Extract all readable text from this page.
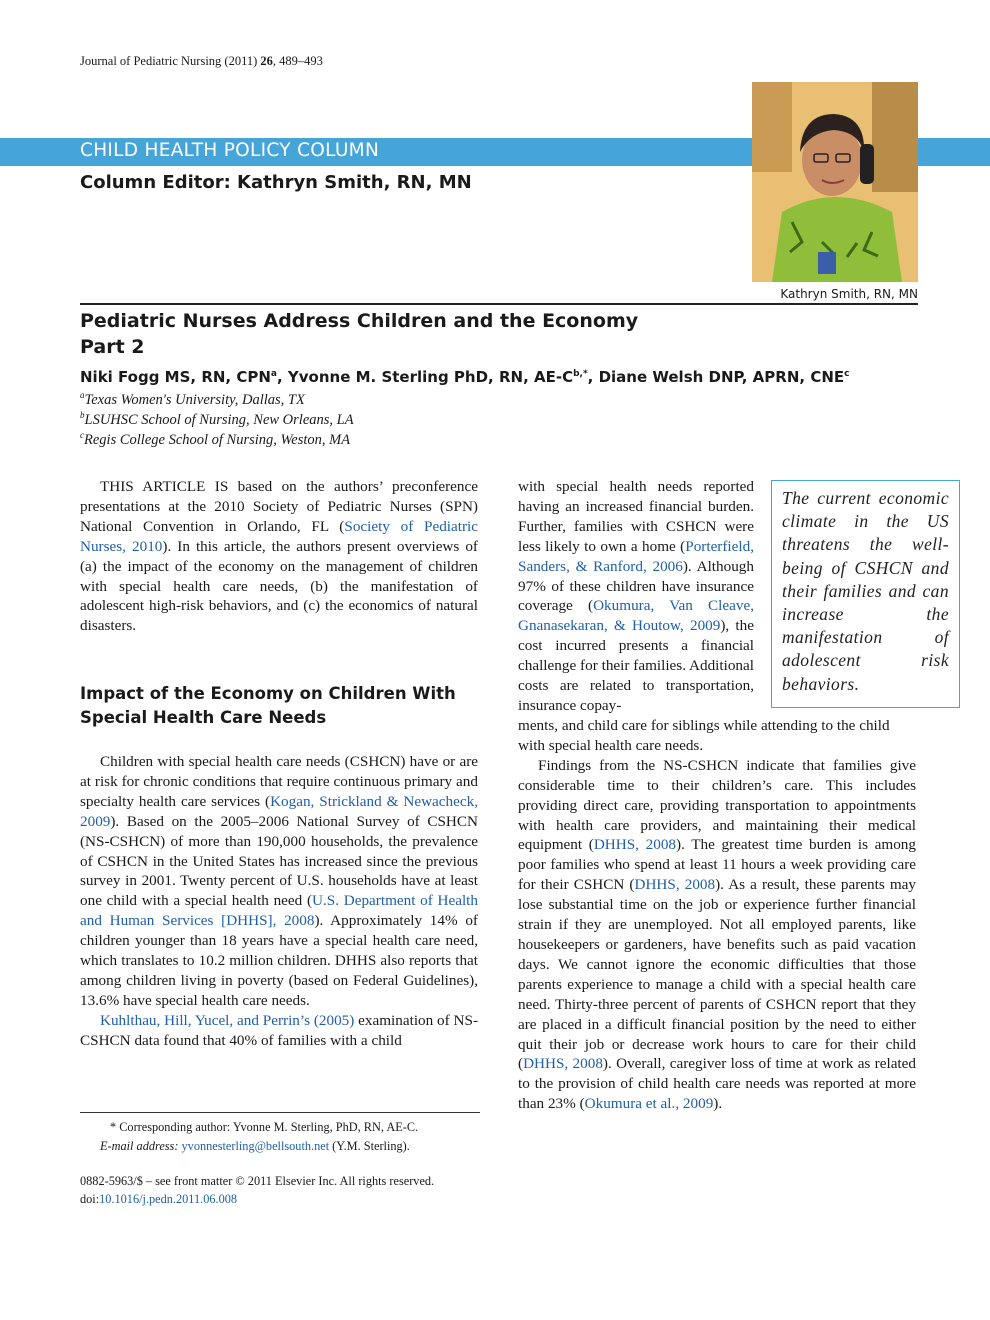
Journal of Pediatric Nursing (2011) 26, 489–493
CHILD HEALTH POLICY COLUMN
Column Editor: Kathryn Smith, RN, MN
Kathryn Smith, RN, MN
Pediatric Nurses Address Children and the Economy
Part 2
Niki Fogg MS, RN, CPN$^a$, Yvonne M. Sterling PhD, RN, $AE-C^{b,*}$, Diane Welsh DNP, APRN, CNE$^c$
$^a$Texas Women's University, Dallas, TX
$^b$LSUHSC School of Nursing, New Orleans, LA
$^c$Regis College School of Nursing, Weston, MA

THIS ARTICLE IS based on the authors’ preconference presentations at the 2010 Society of Pediatric Nurses (SPN) National Convention in Orlando, FL (Society of Pediatric Nurses, 2010). In this article, the authors present overviews of (a) the impact of the economy on the management of children with special health care needs, (b) the manifestation of adolescent high-risk behaviors, and (c) the economics of natural disasters.

Impact of the Economy on Children With
Special Health Care Needs

Children with special health care needs (CSHCN) have or are at risk for chronic conditions that require continuous primary and specialty health care services (Kogan, Strickland & Newacheck, 2009). Based on the 2005–2006 National Survey of CSHCN (NS-CSHCN) of more than 190,000 households, the prevalence of CSHCN in the United States has increased since the previous survey in 2001. Twenty percent of U.S. households have at least one child with a special health need (U.S. Department of Health and Human Services [DHHS], 2008). Approximately 14% of children younger than 18 years have a special health care need, which translates to 10.2 million children. DHHS also reports that among children living in poverty (based on Federal Guidelines), 13.6% have special health care needs.

Kuhlthau, Hill, Yucel, and Perrin’s (2005) examination of NS-CSHCN data found that 40% of families with a child

with special health needs reported having an increased financial burden. Further, families with CSHCN were less likely to own a home (Porterfield, Sanders, & Ranford, 2006). Although 97% of these children have insurance coverage (Okumura, Van Cleave, Gnanasekaran, & Houtow, 2009), the cost incurred presents a financial challenge for their families. Additional costs are related to transportation, insurance copay-

ments, and child care for siblings while attending to the child with special health care needs.

Findings from the NS-CSHCN indicate that families give considerable time to their children’s care. This includes providing direct care, providing transportation to appointments with health care providers, and maintaining their medical equipment (DHHS, 2008). The greatest time burden is among poor families who spend at least 11 hours a week providing care for their CSHCN (DHHS, 2008). As a result, these parents may lose substantial time on the job or experience further financial strain if they are unemployed. Not all employed parents, like housekeepers or gardeners, have benefits such as paid vacation days. We cannot ignore the economic difficulties that those parents experience to manage a child with a special health care need. Thirty-three percent of parents of CSHCN report that they are placed in a difficult financial position by the need to either quit their job or decrease work hours to care for their child (DHHS, 2008). Overall, caregiver loss of time at work as related to the provision of child health care needs was reported at more than 23% (Okumura et al., 2009).

The current economic climate in the US threatens the well-being of CSHCN and their families and can increase the manifestation of adolescent risk behaviors.
* Corresponding author: Yvonne M. Sterling, PhD, RN, AE-C.
E-mail address: yvonnesterling@bellsouth.net (Y.M. Sterling).
0882-5963/$ – see front matter © 2011 Elsevier Inc. All rights reserved.
doi:10.1016/j.pedn.2011.06.008
